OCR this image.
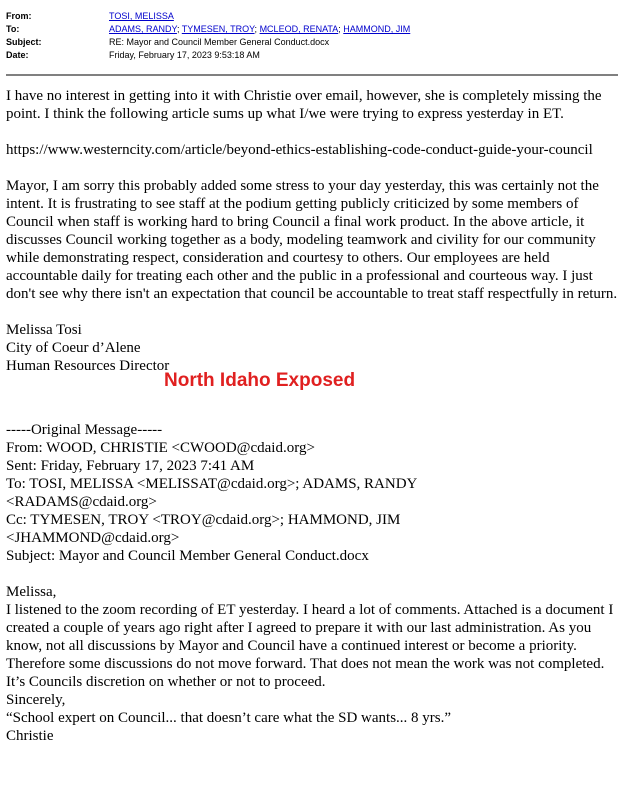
From:	TOSI, MELISSA
To:	ADAMS, RANDY; TYMESEN, TROY; MCLEOD, RENATA; HAMMOND, JIM
Subject:	RE: Mayor and Council Member General Conduct.docx
Date:	Friday, February 17, 2023 9:53:18 AM

I have no interest in getting into it with Christie over email, however, she is completely missing the point. I think the following article sums up what I/we were trying to express yesterday in ET.

https://www.westerncity.com/article/beyond-ethics-establishing-code-conduct-guide-your-council

Mayor, I am sorry this probably added some stress to your day yesterday, this was certainly not the intent. It is frustrating to see staff at the podium getting publicly criticized by some members of Council when staff is working hard to bring Council a final work product. In the above article, it discusses Council working together as a body, modeling teamwork and civility for our community while demonstrating respect, consideration and courtesy to others. Our employees are held accountable daily for treating each other and the public in a professional and courteous way. I just don't see why there isn't an expectation that council be accountable to treat staff respectfully in return.

Melissa Tosi
City of Coeur d’Alene
Human Resources Director
-----Original Message-----
From: WOOD, CHRISTIE <CWOOD@cdaid.org>
Sent: Friday, February 17, 2023 7:41 AM
To: TOSI, MELISSA <MELISSAT@cdaid.org>; ADAMS, RANDY
<RADAMS@cdaid.org>
Cc: TYMESEN, TROY <TROY@cdaid.org>; HAMMOND, JIM
<JHAMMOND@cdaid.org>
Subject: Mayor and Council Member General Conduct.docx
Melissa,
I listened to the zoom recording of ET yesterday. I heard a lot of comments. Attached is a document I created a couple of years ago right after I agreed to prepare it with our last administration. As you know, not all discussions by Mayor and Council have a continued interest or become a priority. Therefore some discussions do not move forward. That does not mean the work was not completed. It’s Councils discretion on whether or not to proceed.
Sincerely,
“School expert on Council... that doesn’t care what the SD wants... 8 yrs.”
Christie
North Idaho Exposed
